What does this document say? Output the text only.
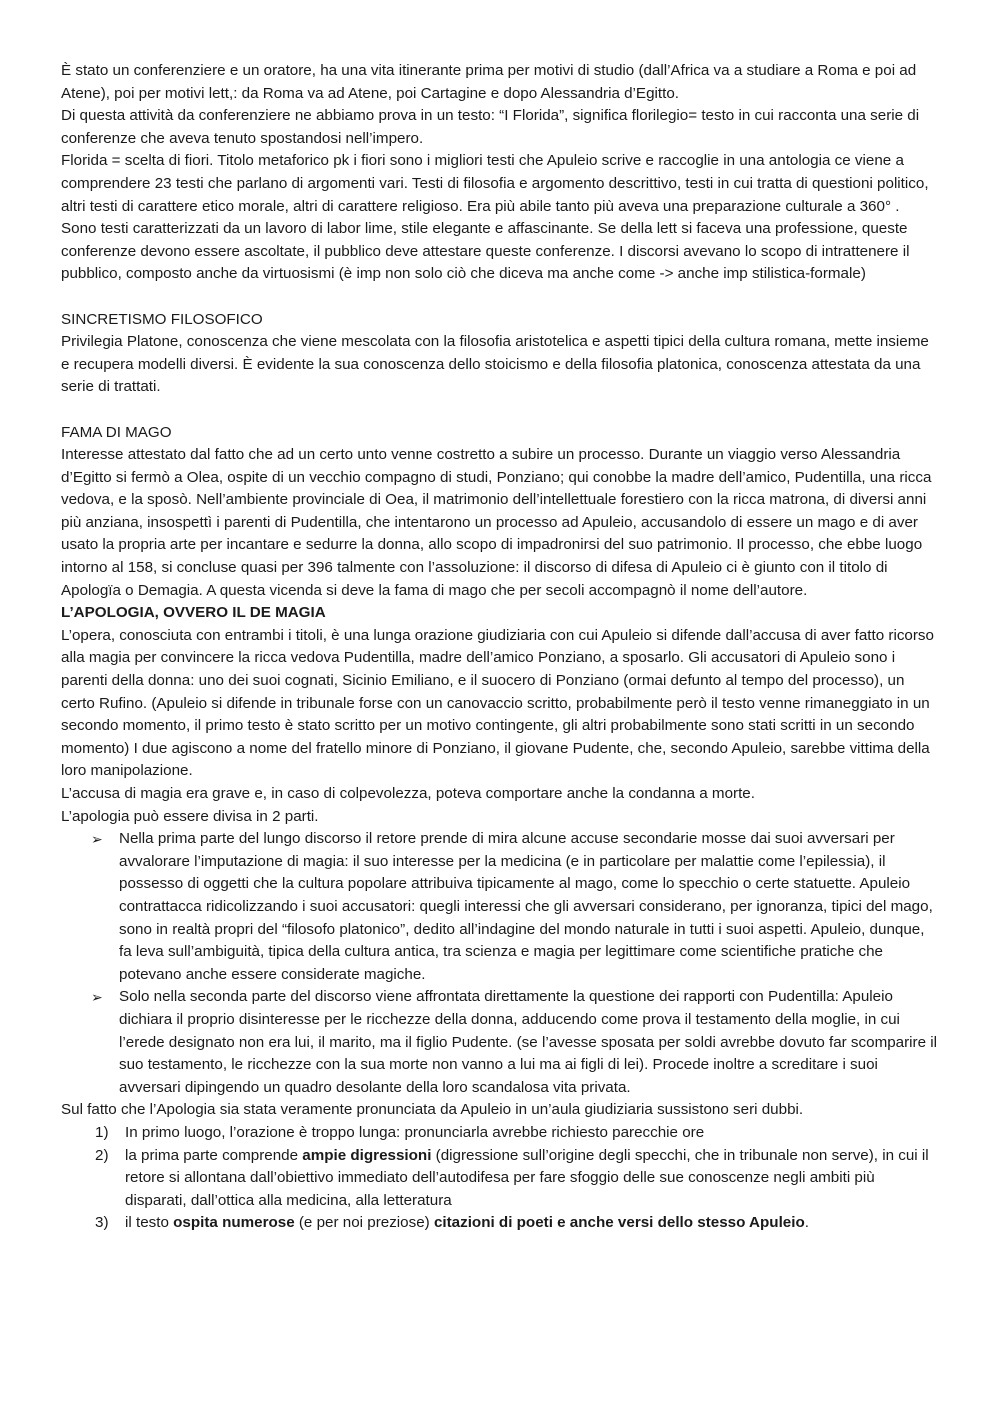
È stato un conferenziere e un oratore, ha una vita itinerante prima per motivi di studio (dall’Africa va a studiare a Roma e poi ad Atene), poi per motivi lett,: da Roma va ad Atene, poi Cartagine e dopo Alessandria d’Egitto.

Di questa attività da conferenziere ne abbiamo prova in un testo: “I Florida”, significa florilegio= testo in cui racconta una serie di conferenze che aveva tenuto spostandosi nell’impero.

Florida = scelta di fiori. Titolo metaforico pk i fiori sono i migliori testi che Apuleio scrive e raccoglie in una antologia ce viene a comprendere 23 testi che parlano di argomenti vari. Testi di filosofia e argomento descrittivo, testi in cui tratta di questioni politico, altri testi di carattere etico morale, altri di carattere religioso. Era più abile tanto più aveva una preparazione culturale a 360° .

Sono testi caratterizzati da un lavoro di labor lime, stile elegante e affascinante. Se della lett si faceva una professione, queste conferenze devono essere ascoltate, il pubblico deve attestare queste conferenze. I discorsi avevano lo scopo di intrattenere il pubblico, composto anche da virtuosismi (è imp non solo ciò che diceva ma anche come -> anche imp stilistica-formale)

SINCRETISMO FILOSOFICO

Privilegia Platone, conoscenza che viene mescolata con la filosofia aristotelica e aspetti tipici della cultura romana, mette insieme e recupera modelli diversi. È evidente la sua conoscenza dello stoicismo e della filosofia platonica, conoscenza attestata da una serie di trattati.

FAMA DI MAGO

Interesse attestato dal fatto che ad un certo unto venne costretto a subire un processo. Durante un viaggio verso Alessandria d’Egitto si fermò a Olea, ospite di un vecchio compagno di studi, Ponziano; qui conobbe la madre dell’amico, Pudentilla, una ricca vedova, e la sposò. Nell’ambiente provinciale di Oea, il matrimonio dell’intellettuale forestiero con la ricca matrona, di diversi anni più anziana, insospettì i parenti di Pudentilla, che intentarono un processo ad Apuleio, accusandolo di essere un mago e di aver usato la propria arte per incantare e sedurre la donna, allo scopo di impadronirsi del suo patrimonio. Il processo, che ebbe luogo intorno al 158, si concluse quasi per 396 talmente con l’assoluzione: il discorso di difesa di Apuleio ci è giunto con il titolo di Apologïa o Demagia. A questa vicenda si deve la fama di mago che per secoli accompagnò il nome dell’autore.

L’APOLOGIA, OVVERO IL DE MAGIA

L’opera, conosciuta con entrambi i titoli, è una lunga orazione giudiziaria con cui Apuleio si difende dall’accusa di aver fatto ricorso alla magia per convincere la ricca vedova Pudentilla, madre dell’amico Ponziano, a sposarlo. Gli accusatori di Apuleio sono i parenti della donna: uno dei suoi cognati, Sicinio Emiliano, e il suocero di Ponziano (ormai defunto al tempo del processo), un certo Rufino. (Apuleio si difende in tribunale forse con un canovaccio scritto, probabilmente però il testo venne rimaneggiato in un secondo momento, il primo testo è stato scritto per un motivo contingente, gli altri probabilmente sono stati scritti in un secondo momento) I due agiscono a nome del fratello minore di Ponziano, il giovane Pudente, che, secondo Apuleio, sarebbe vittima della loro manipolazione.

L’accusa di magia era grave e, in caso di colpevolezza, poteva comportare anche la condanna a morte.

L’apologia può essere divisa in 2 parti.

➢ Nella prima parte del lungo discorso il retore prende di mira alcune accuse secondarie mosse dai suoi avversari per avvalorare l’imputazione di magia: il suo interesse per la medicina (e in particolare per malattie come l’epilessia), il possesso di oggetti che la cultura popolare attribuiva tipicamente al mago, come lo specchio o certe statuette. Apuleio contrattacca ridicolizzando i suoi accusatori: quegli interessi che gli avversari considerano, per ignoranza, tipici del mago, sono in realtà propri del “filosofo platonico”, dedito all’indagine del mondo naturale in tutti i suoi aspetti. Apuleio, dunque, fa leva sull’ambiguità, tipica della cultura antica, tra scienza e magia per legittimare come scientifiche pratiche che potevano anche essere considerate magiche.
➢ Solo nella seconda parte del discorso viene affrontata direttamente la questione dei rapporti con Pudentilla: Apuleio dichiara il proprio disinteresse per le ricchezze della donna, adducendo come prova il testamento della moglie, in cui l’erede designato non era lui, il marito, ma il figlio Pudente. (se l’avesse sposata per soldi avrebbe dovuto far scomparire il suo testamento, le ricchezze con la sua morte non vanno a lui ma ai figli di lei). Procede inoltre a screditare i suoi avversari dipingendo un quadro desolante della loro scandalosa vita privata.

Sul fatto che l’Apologia sia stata veramente pronunciata da Apuleio in un’aula giudiziaria sussistono seri dubbi.

1) In primo luogo, l’orazione è troppo lunga: pronunciarla avrebbe richiesto parecchie ore
2) la prima parte comprende ampie digressioni (digressione sull’origine degli specchi, che in tribunale non serve), in cui il retore si allontana dall’obiettivo immediato dell’autodifesa per fare sfoggio delle sue conoscenze negli ambiti più disparati, dall’ottica alla medicina, alla letteratura
3) il testo ospita numerose (e per noi preziose) citazioni di poeti e anche versi dello stesso Apuleio.
